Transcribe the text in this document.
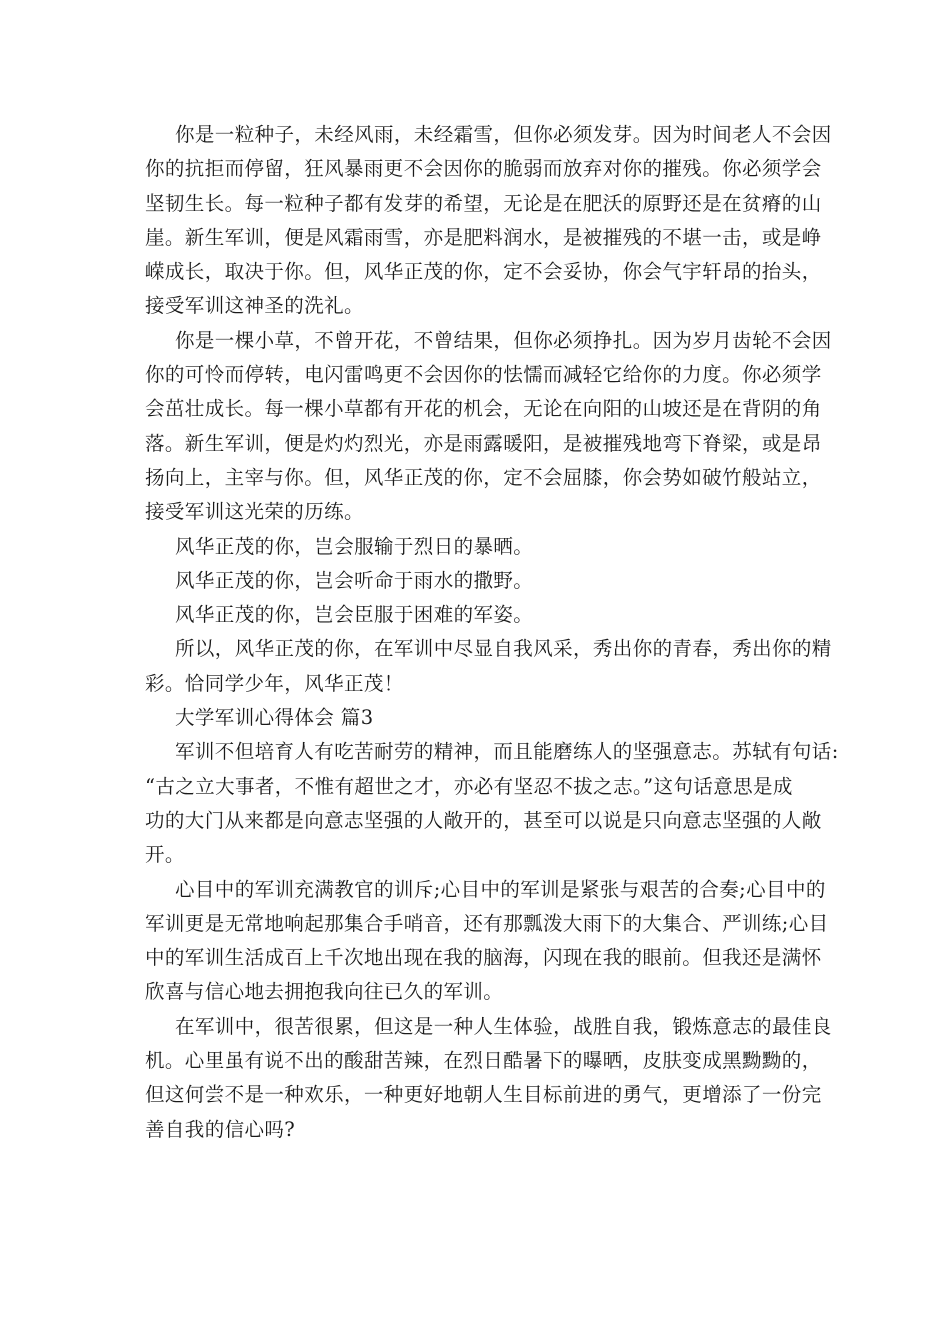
你是一粒种子，未经风雨，未经霜雪，但你必须发芽。因为时间老人不会因
你的抗拒而停留，狂风暴雨更不会因你的脆弱而放弃对你的摧残。你必须学会
坚韧生长。每一粒种子都有发芽的希望，无论是在肥沃的原野还是在贫瘠的山
崖。新生军训，便是风霜雨雪，亦是肥料润水，是被摧残的不堪一击，或是峥
嵘成长，取决于你。但，风华正茂的你，定不会妥协，你会气宇轩昂的抬头，
接受军训这神圣的洗礼。
你是一棵小草，不曾开花，不曾结果，但你必须挣扎。因为岁月齿轮不会因
你的可怜而停转，电闪雷鸣更不会因你的怯懦而减轻它给你的力度。你必须学
会茁壮成长。每一棵小草都有开花的机会，无论在向阳的山坡还是在背阴的角
落。新生军训，便是灼灼烈光，亦是雨露暖阳，是被摧残地弯下脊梁，或是昂
扬向上，主宰与你。但，风华正茂的你，定不会屈膝，你会势如破竹般站立，
接受军训这光荣的历练。
风华正茂的你，岂会服输于烈日的暴晒。
风华正茂的你，岂会听命于雨水的撒野。
风华正茂的你，岂会臣服于困难的军姿。
所以，风华正茂的你，在军训中尽显自我风采，秀出你的青春，秀出你的精
彩。恰同学少年，风华正茂！
大学军训心得体会 篇3
军训不但培育人有吃苦耐劳的精神，而且能磨练人的坚强意志。苏轼有句话:
“古之立大事者，不惟有超世之才，亦必有坚忍不拔之志。”这句话意思是成
功的大门从来都是向意志坚强的人敞开的，甚至可以说是只向意志坚强的人敞
开。
心目中的军训充满教官的训斥;心目中的军训是紧张与艰苦的合奏;心目中的
军训更是无常地响起那集合手哨音，还有那瓢泼大雨下的大集合、严训练;心目
中的军训生活成百上千次地出现在我的脑海，闪现在我的眼前。但我还是满怀
欣喜与信心地去拥抱我向往已久的军训。
在军训中，很苦很累，但这是一种人生体验，战胜自我，锻炼意志的最佳良
机。心里虽有说不出的酸甜苦辣，在烈日酷暑下的曝晒，皮肤变成黑黝黝的，
但这何尝不是一种欢乐，一种更好地朝人生目标前进的勇气，更增添了一份完
善自我的信心吗?
